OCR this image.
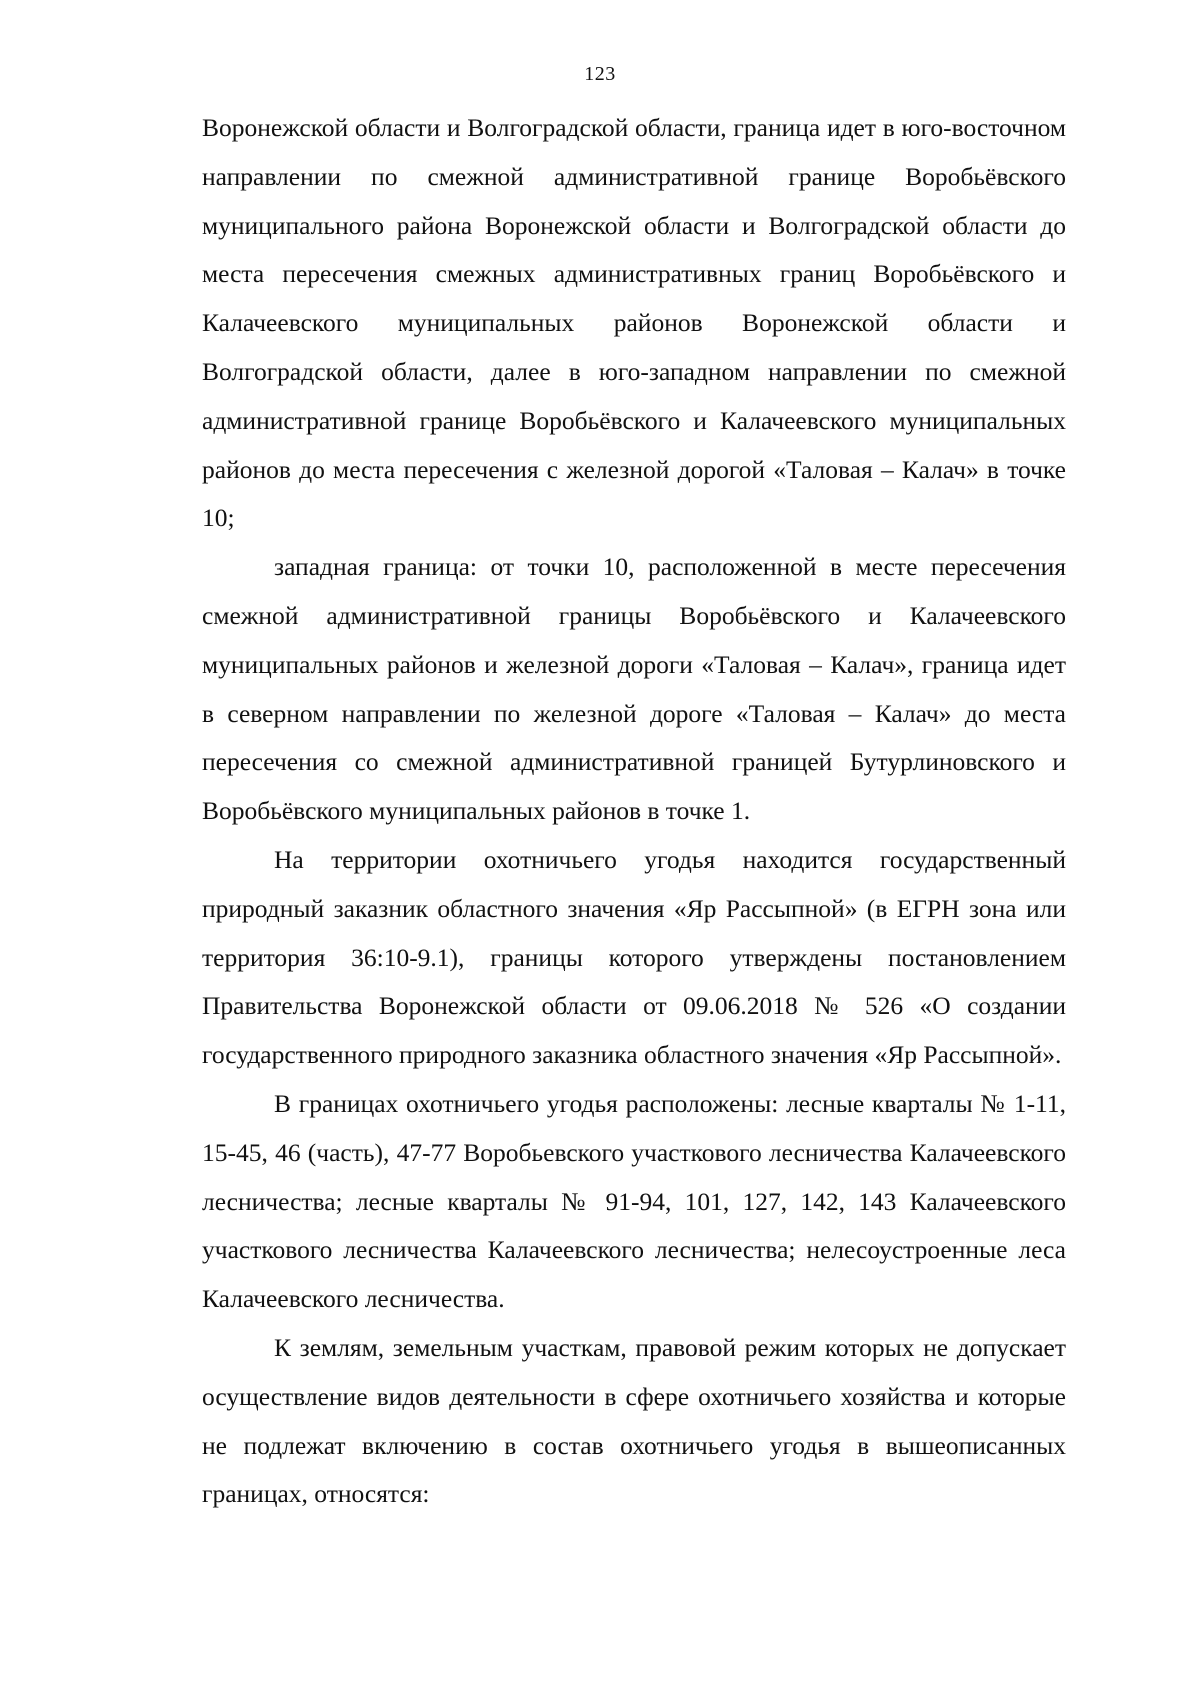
123

Воронежской области и Волгоградской области, граница идет в юго-восточном направлении по смежной административной границе Воробьёвского муниципального района Воронежской области и Волгоградской области до места пересечения смежных административных границ Воробьёвского и Калачеевского муниципальных районов Воронежской области и Волгоградской области, далее в юго-западном направлении по смежной административной границе Воробьёвского и Калачеевского муниципальных районов до места пересечения с железной дорогой «Таловая – Калач» в точке 10;

западная граница: от точки 10, расположенной в месте пересечения смежной административной границы Воробьёвского и Калачеевского муниципальных районов и железной дороги «Таловая – Калач», граница идет в северном направлении по железной дороге «Таловая – Калач» до места пересечения со смежной административной границей Бутурлиновского и Воробьёвского муниципальных районов в точке 1.

На территории охотничьего угодья находится государственный природный заказник областного значения «Яр Рассыпной» (в ЕГРН зона или территория 36:10-9.1), границы которого утверждены постановлением Правительства Воронежской области от 09.06.2018 № 526 «О создании государственного природного заказника областного значения «Яр Рассыпной».

В границах охотничьего угодья расположены: лесные кварталы № 1-11, 15-45, 46 (часть), 47-77 Воробьевского участкового лесничества Калачеевского лесничества; лесные кварталы № 91-94, 101, 127, 142, 143 Калачеевского участкового лесничества Калачеевского лесничества; нелесоустроенные леса Калачеевского лесничества.

К землям, земельным участкам, правовой режим которых не допускает осуществление видов деятельности в сфере охотничьего хозяйства и которые не подлежат включению в состав охотничьего угодья в вышеописанных границах, относятся:
